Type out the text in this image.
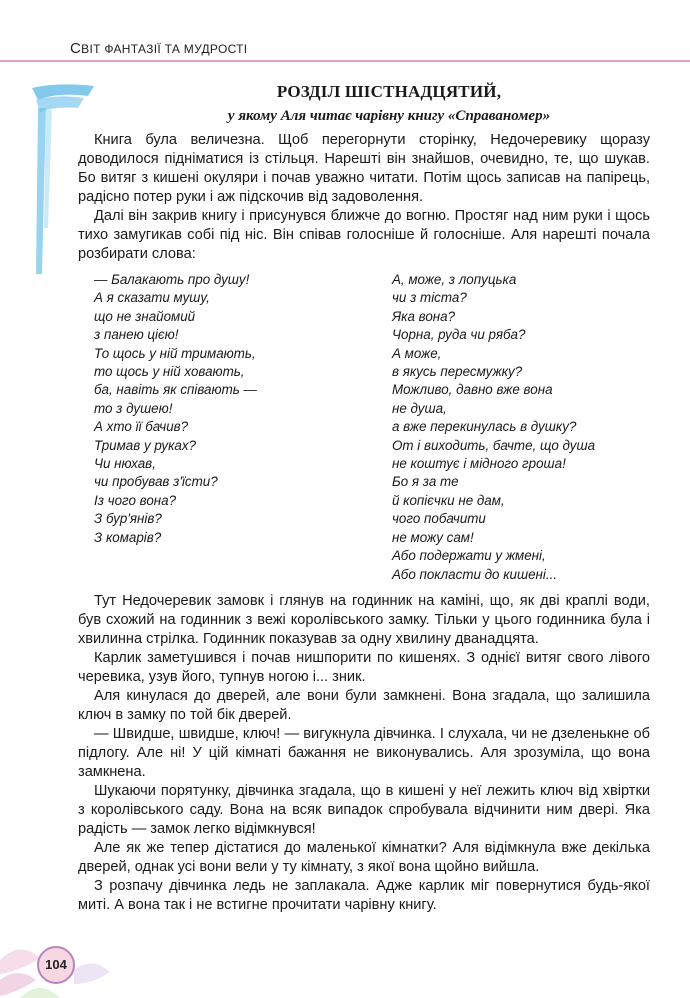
СВІТ ФАНТАЗІЇ ТА МУДРОСТІ
РОЗДІЛ ШІСТНАДЦЯТИЙ,
у якому Аля читає чарівну книгу «Справаномер»

Книга була величезна. Щоб перегорнути сторінку, Недочеревику щоразу доводилося підніматися із стільця. Нарешті він знайшов, очевидно, те, що шукав. Бо витяг з кишені окуляри і почав уважно читати. Потім щось записав на папірець, радісно потер руки і аж підскочив від задоволення.

Далі він закрив книгу і присунувся ближче до вогню. Простяг над ним руки і щось тихо замугикав собі під ніс. Він співав голосніше й голосніше. Аля нарешті почала розбирати слова:

— Балакають про душу!
А я сказати мушу,
що не знайомий
з панею цією!
То щось у ній тримають,
то щось у ній ховають,
ба, навіть як співають —
то з душею!
А хто її бачив?
Тримав у руках?
Чи нюхав,
чи пробував з'їсти?
Із чого вона?
З бур'янів?
З комарів?
А, може, з лопуцька
чи з тіста?
Яка вона?
Чорна, руда чи ряба?
А може,
в якусь пересмужку?
Можливо, давно вже вона
не душа,
а вже перекинулась в душку?
От і виходить, бачте, що душа
не коштує і мідного гроша!
Бо я за те
й копієчки не дам,
чого побачити
не можу сам!
Або подержати у жмені,
Або покласти до кишені...

Тут Недочеревик замовк і глянув на годинник на каміні, що, як дві краплі води, був схожий на годинник з вежі королівського замку. Тільки у цього годинника була і хвилинна стрілка. Годинник показував за одну хвилину дванадцята.

Карлик заметушився і почав нишпорити по кишенях. З однієї витяг свого лівого черевика, узув його, тупнув ногою і... зник.

Аля кинулася до дверей, але вони були замкнені. Вона згадала, що залишила ключ в замку по той бік дверей.

— Швидше, швидше, ключ! — вигукнула дівчинка. І слухала, чи не дзеленькне об підлогу. Але ні! У цій кімнаті бажання не виконувались. Аля зрозуміла, що вона замкнена.

Шукаючи порятунку, дівчинка згадала, що в кишені у неї лежить ключ від хвіртки з королівського саду. Вона на всяк випадок спробувала відчинити ним двері. Яка радість — замок легко відімкнувся!

Але як же тепер дістатися до маленької кімнатки? Аля відімкнула вже декілька дверей, однак усі вони вели у ту кімнату, з якої вона щойно вийшла.

З розпачу дівчинка ледь не заплакала. Адже карлик міг повернутися будь-якої миті. А вона так і не встигне прочитати чарівну книгу.

104
